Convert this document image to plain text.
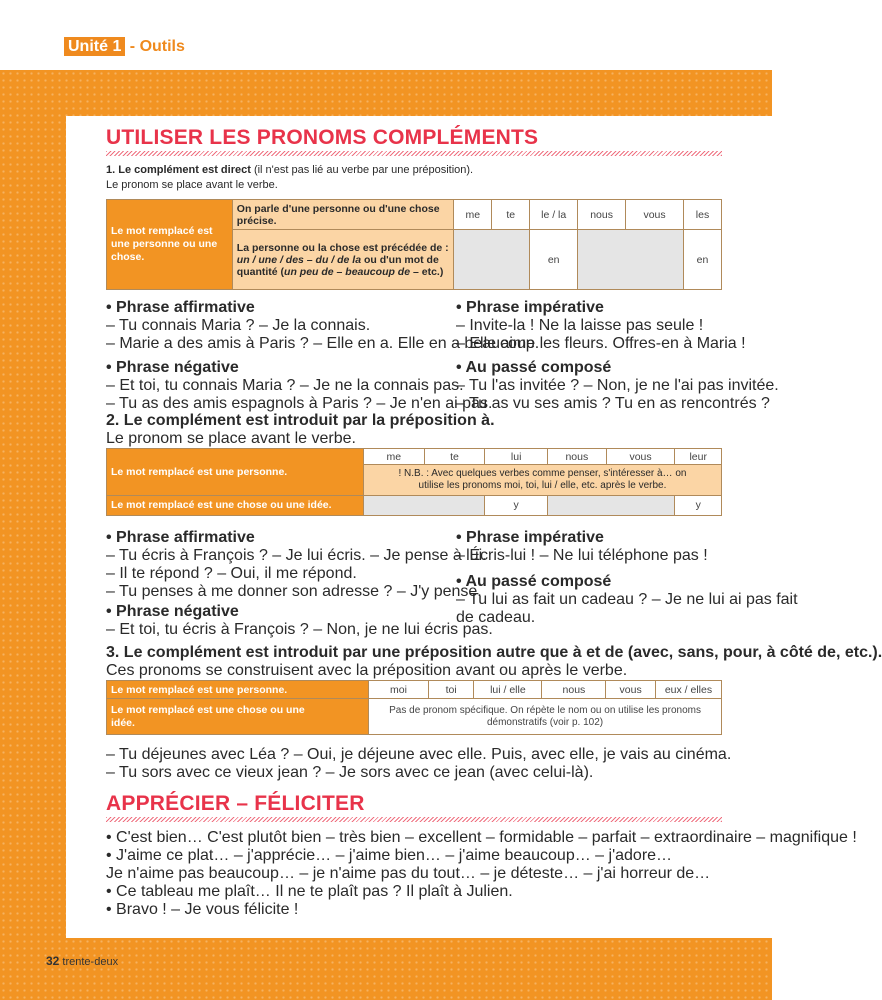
Unité 1 - Outils
UTILISER LES PRONOMS COMPLÉMENTS

1. Le complément est direct (il n'est pas lié au verbe par une préposition).

Le pronom se place avant le verbe.

Le mot remplacé est une personne ou une chose.	On parle d'une personne ou d'une chose précise.	me	te	le / la	nous	vous	les
	La personne ou la chose est précédée de : un / une / des – du / de la ou d'un mot de quantité (un peu de – beaucoup de – etc.)			en			en

• Phrase affirmative

– Tu connais Maria ? – Je la connais.

– Marie a des amis à Paris ? – Elle en a. Elle en a beaucoup.

• Phrase négative

– Et toi, tu connais Maria ? – Je ne la connais pas.

– Tu as des amis espagnols à Paris ? – Je n'en ai pas.

• Phrase impérative

– Invite-la ! Ne la laisse pas seule !

– Elle aime les fleurs. Offres-en à Maria !

• Au passé composé

– Tu l'as invitée ? – Non, je ne l'ai pas invitée.

– Tu as vu ses amis ? Tu en as rencontrés ?

2. Le complément est introduit par la préposition à.

Le pronom se place avant le verbe.

Le mot remplacé est une personne.	me	te	lui	nous	vous	leur
	! N.B. : Avec quelques verbes comme penser, s'intéresser à… on utilise les pronoms moi, toi, lui / elle, etc. après le verbe.					
Le mot remplacé est une chose ou une idée.			y			y

• Phrase affirmative

– Tu écris à François ? – Je lui écris. – Je pense à lui.

– Il te répond ? – Oui, il me répond.

– Tu penses à me donner son adresse ? – J'y pense.

• Phrase négative

– Et toi, tu écris à François ? – Non, je ne lui écris pas.

• Phrase impérative

– Écris-lui ! – Ne lui téléphone pas !

• Au passé composé

– Tu lui as fait un cadeau ? – Je ne lui ai pas fait

de cadeau.

3. Le complément est introduit par une préposition autre que à et de (avec, sans, pour, à côté de, etc.).

Ces pronoms se construisent avec la préposition avant ou après le verbe.

Le mot remplacé est une personne.	moi	toi	lui / elle	nous	vous	eux / elles
Le mot remplacé est une chose ou une idée.	Pas de pronom spécifique. On répète le nom ou on utilise les pronoms démonstratifs (voir p. 102)					

– Tu déjeunes avec Léa ? – Oui, je déjeune avec elle. Puis, avec elle, je vais au cinéma.

– Tu sors avec ce vieux jean ? – Je sors avec ce jean (avec celui-là).

APPRÉCIER – FÉLICITER

• C'est bien… C'est plutôt bien – très bien – excellent – formidable – parfait – extraordinaire – magnifique !

• J'aime ce plat… – j'apprécie… – j'aime bien… – j'aime beaucoup… – j'adore…

Je n'aime pas beaucoup… – je n'aime pas du tout… – je déteste… – j'ai horreur de…

• Ce tableau me plaît… Il ne te plaît pas ? Il plaît à Julien.

• Bravo ! – Je vous félicite !

32 trente-deux
